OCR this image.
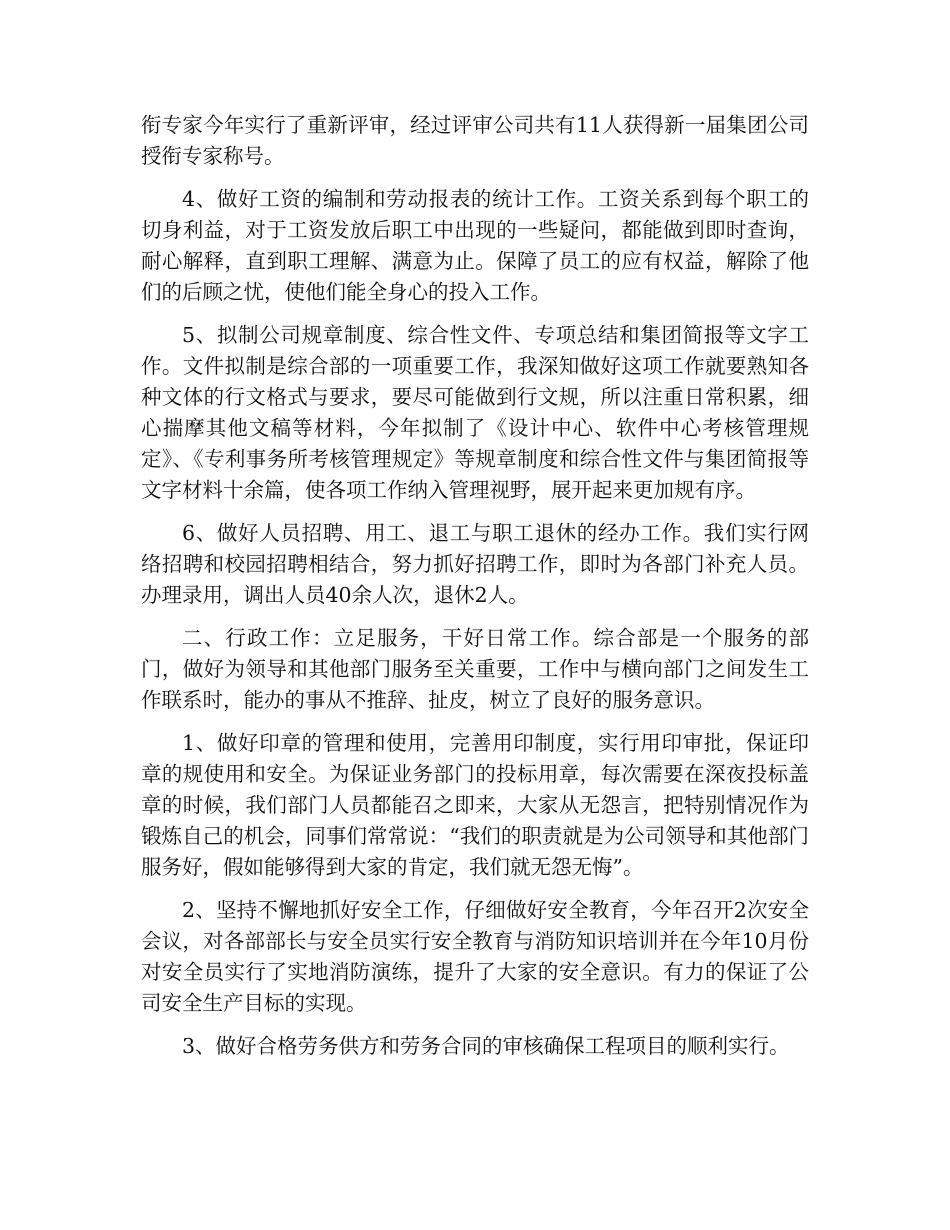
衔专家今年实行了重新评审，经过评审公司共有11人获得新一届集团公司授衔专家称号。

4、做好工资的编制和劳动报表的统计工作。工资关系到每个职工的切身利益，对于工资发放后职工中出现的一些疑问，都能做到即时查询，耐心解释，直到职工理解、满意为止。保障了员工的应有权益，解除了他们的后顾之忧，使他们能全身心的投入工作。

5、拟制公司规章制度、综合性文件、专项总结和集团简报等文字工作。文件拟制是综合部的一项重要工作，我深知做好这项工作就要熟知各种文体的行文格式与要求，要尽可能做到行文规，所以注重日常积累，细心揣摩其他文稿等材料，今年拟制了《设计中心、软件中心考核管理规定》、《专利事务所考核管理规定》等规章制度和综合性文件与集团简报等文字材料十余篇，使各项工作纳入管理视野，展开起来更加规有序。

6、做好人员招聘、用工、退工与职工退休的经办工作。我们实行网络招聘和校园招聘相结合，努力抓好招聘工作，即时为各部门补充人员。办理录用，调出人员40余人次，退休2人。

二、行政工作：立足服务，干好日常工作。综合部是一个服务的部门，做好为领导和其他部门服务至关重要，工作中与横向部门之间发生工作联系时，能办的事从不推辞、扯皮，树立了良好的服务意识。

1、做好印章的管理和使用，完善用印制度，实行用印审批，保证印章的规使用和安全。为保证业务部门的投标用章，每次需要在深夜投标盖章的时候，我们部门人员都能召之即来，大家从无怨言，把特别情况作为锻炼自己的机会，同事们常常说：“我们的职责就是为公司领导和其他部门服务好，假如能够得到大家的肯定，我们就无怨无悔”。

2、坚持不懈地抓好安全工作，仔细做好安全教育，今年召开2次安全会议，对各部部长与安全员实行安全教育与消防知识培训并在今年10月份对安全员实行了实地消防演练，提升了大家的安全意识。有力的保证了公司安全生产目标的实现。

3、做好合格劳务供方和劳务合同的审核确保工程项目的顺利实行。
